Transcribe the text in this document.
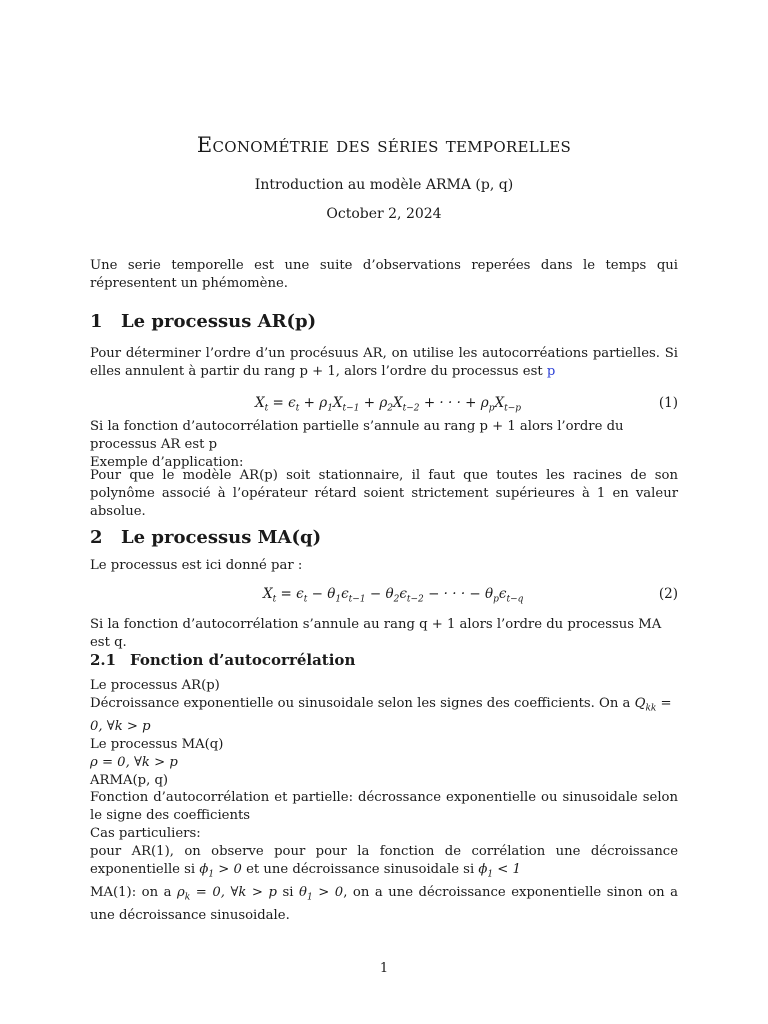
Econométrie des séries temporelles
Introduction au modèle ARMA (p, q)
October 2, 2024

Une serie temporelle est une suite d’observations reperées dans le temps qui répresentent un phémomène.

1 Le processus AR(p)

Pour déterminer l’ordre d’un procésuus AR, on utilise les autocorréations partielles. Si elles annulent à partir du rang p + 1, alors l’ordre du processus est p

$X_t = \epsilon_t + \rho_1X_{t-1} + \rho_2X_{t-2}$ + · · · + $\rho_pX_{t-p}$	(1)

Si la fonction d’autocorrélation partielle s’annule au rang p + 1 alors l’ordre du processus AR est p

Exemple d’application:

Pour que le modèle AR(p) soit stationnaire, il faut que toutes les racines de son polynôme associé à l’opérateur rétard soient strictement supérieures à 1 en valeur absolue.

2 Le processus MA(q)

Le processus est ici donné par :

$X_t = \epsilon_t - \theta_1\epsilon_{t-1} - \theta_2\epsilon_{t-2}$ − · · · − $\theta_p\epsilon_{t-q}$	(2)

Si la fonction d’autocorrélation s’annule au rang q + 1 alors l’ordre du processus MA est q.

2.1 Fonction d’autocorrélation

Le processus AR(p)

Décroissance exponentielle ou sinusoidale selon les signes des coefficients. On a $Q_{kk} = 0$, ∀k > p

Le processus MA(q)

ρ = 0, ∀k > p

ARMA(p, q)

Fonction d’autocorrélation et partielle: décrossance exponentielle ou sinusoidale selon le signe des coefficients

Cas particuliers:

pour AR(1), on observe pour pour la fonction de corrélation une décroissance exponentielle si $\phi_1 > 0$ et une décroissance sinusoidale si $\phi_1 < 1$

MA(1): on a $\rho_k = 0$, ∀k > p si $\theta_1 > 0$, on a une décroissance exponentielle sinon on a une décroissance sinusoidale.

1
